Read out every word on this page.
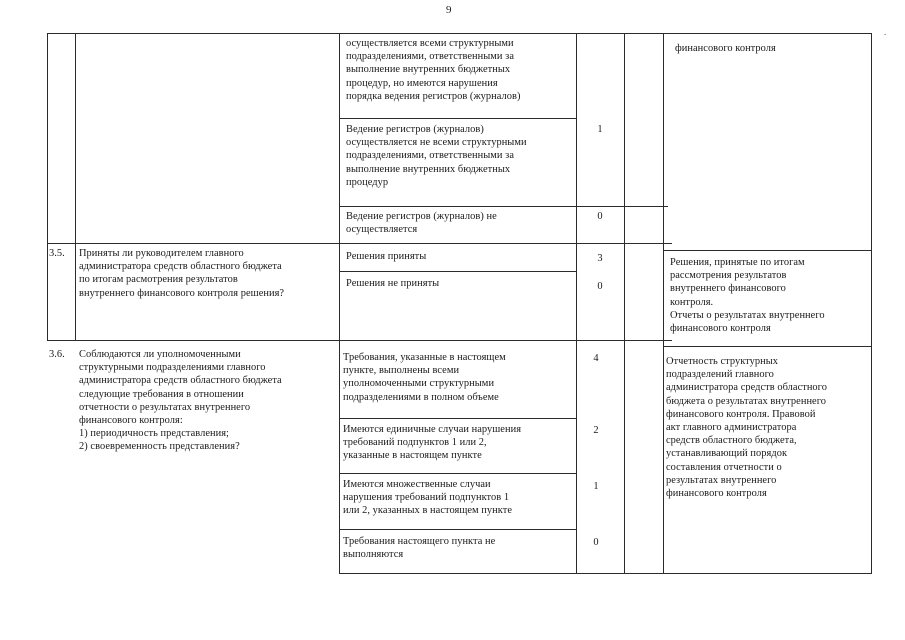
9
.
осуществляется всеми структурными
подразделениями, ответственными за
выполнение внутренних бюджетных
процедур, но имеются нарушения
порядка ведения регистров (журналов)
Ведение регистров (журналов)
осуществляется не всеми структурными
подразделениями, ответственными за
выполнение внутренних бюджетных
процедур
1
Ведение регистров (журналов) не
осуществляется
0
финансового контроля
3.5. Приняты ли руководителем главного
администратора средств областного бюджета
по итогам расмотрения результатов
внутреннего финансового контроля решения?
Решения приняты	3
Решения не приняты	0
Решения, принятые по итогам
рассмотрения результатов
внутреннего финансового
контроля.
Отчеты о результатах внутреннего
финансового контроля
3.6. Соблюдаются ли уполномоченными
структурными подразделениями главного
администратора средств областного бюджета
следующие требования в отношении
отчетности о результатах внутреннего
финансового контроля:
1) периодичность представления;
2) своевременность представления?
Требования, указанные в настоящем
пункте, выполнены всеми
уполномоченными структурными
подразделениями в полном объеме
4
Имеются единичные случаи нарушения
требований подпунктов 1 или 2,
указанные в настоящем пункте
2
Имеются множественные случаи
нарушения требований подпунктов 1
или 2, указанных в настоящем пункте
1
Требования настоящего пункта не
выполняются
0
Отчетность структурных
подразделений главного
администратора средств областного
бюджета о результатах внутреннего
финансового контроля. Правовой
акт главного администратора
средств областного бюджета,
устанавливающий порядок
составления отчетности о
результатах внутреннего
финансового контроля
